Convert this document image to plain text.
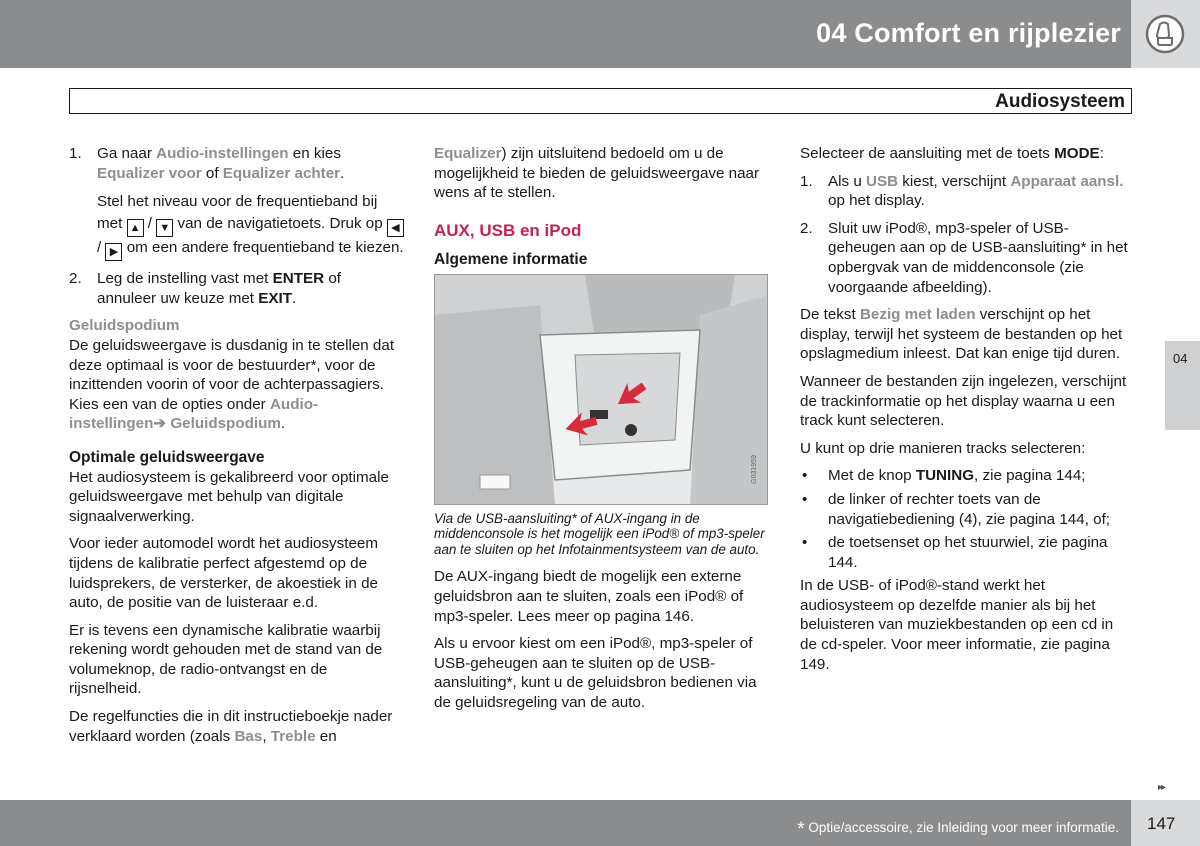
04 Comfort en rijplezier
Audiosysteem
1. Ga naar Audio-instellingen en kies Equalizer voor of Equalizer achter.
Stel het niveau voor de frequentieband bij met ▲ / ▼ van de navigatietoets. Druk op ◀ / ▶ om een andere frequentieband te kiezen.
2. Leg de instelling vast met ENTER of annuleer uw keuze met EXIT.
Geluidspodium

De geluidsweergave is dusdanig in te stellen dat deze optimaal is voor de bestuurder*, voor de inzittenden voorin of voor de achterpassagiers. Kies een van de opties onder Audio-instellingen➔ Geluidspodium.

Optimale geluidsweergave

Het audiosysteem is gekalibreerd voor optimale geluidsweergave met behulp van digitale signaalverwerking.

Voor ieder automodel wordt het audiosysteem tijdens de kalibratie perfect afgestemd op de luidsprekers, de versterker, de akoestiek in de auto, de positie van de luisteraar e.d.

Er is tevens een dynamische kalibratie waarbij rekening wordt gehouden met de stand van de volumeknop, de radio-ontvangst en de rijsnelheid.

De regelfuncties die in dit instructieboekje nader verklaard worden (zoals Bas, Treble en

Equalizer) zijn uitsluitend bedoeld om u de mogelijkheid te bieden de geluidsweergave naar wens af te stellen.

AUX, USB en iPod
Algemene informatie
G031959
Via de USB-aansluiting* of AUX-ingang in de middenconsole is het mogelijk een iPod® of mp3-speler aan te sluiten op het Infotainmentsysteem van de auto.

De AUX-ingang biedt de mogelijk een externe geluidsbron aan te sluiten, zoals een iPod® of mp3-speler. Lees meer op pagina 146.

Als u ervoor kiest om een iPod®, mp3-speler of USB-geheugen aan te sluiten op de USB-aansluiting*, kunt u de geluidsbron bedienen via de geluidsregeling van de auto.

Selecteer de aansluiting met de toets MODE:

1. Als u USB kiest, verschijnt Apparaat aansl. op het display.
2. Sluit uw iPod®, mp3-speler of USB-geheugen aan op de USB-aansluiting* in het opbergvak van de middenconsole (zie voorgaande afbeelding).

De tekst Bezig met laden verschijnt op het display, terwijl het systeem de bestanden op het opslagmedium inleest. Dat kan enige tijd duren.

Wanneer de bestanden zijn ingelezen, verschijnt de trackinformatie op het display waarna u een track kunt selecteren.

U kunt op drie manieren tracks selecteren:

• Met de knop TUNING, zie pagina 144;
• de linker of rechter toets van de navigatiebediening (4), zie pagina 144, of;
• de toetsenset op het stuurwiel, zie pagina 144.

In de USB- of iPod®-stand werkt het audiosysteem op dezelfde manier als bij het beluisteren van muziekbestanden op een cd in de cd-speler. Voor meer informatie, zie pagina 149.

04
▸▸
* Optie/accessoire, zie Inleiding voor meer informatie. 147
